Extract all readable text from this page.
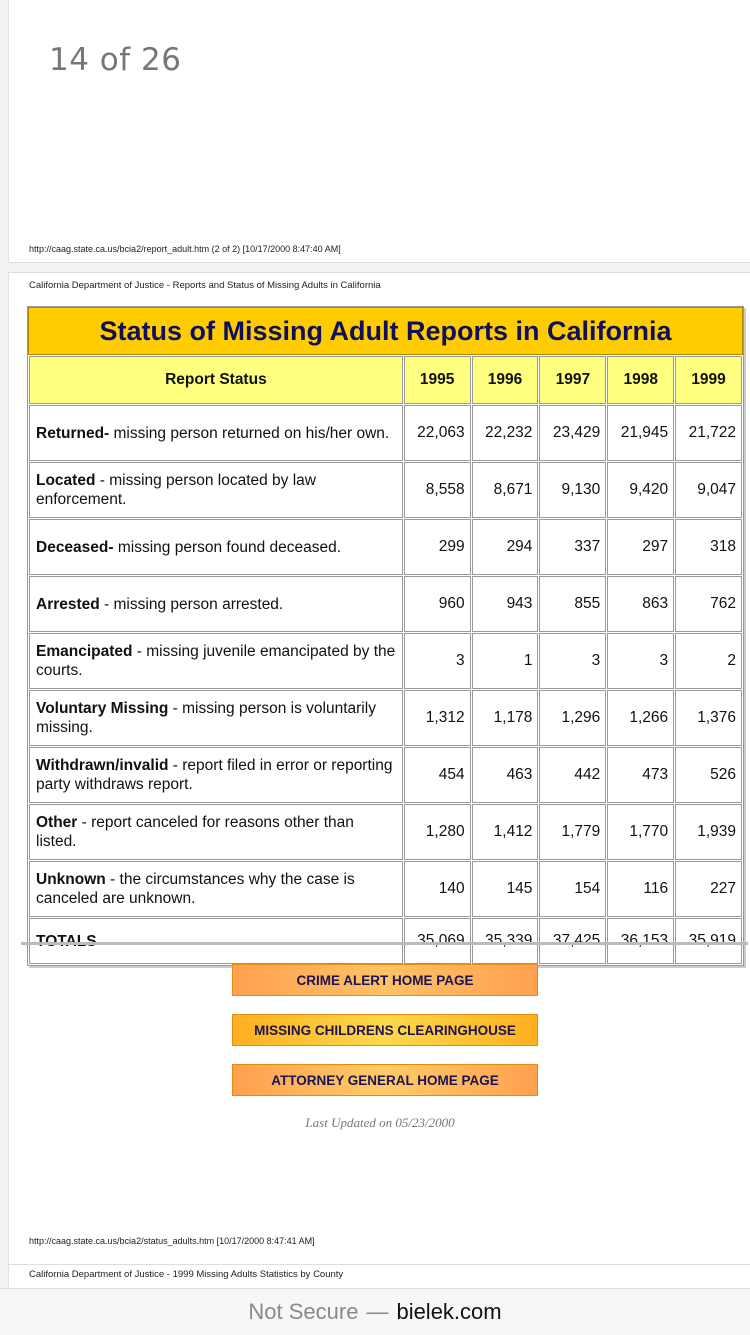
14 of 26
http://caag.state.ca.us/bcia2/report_adult.htm (2 of 2) [10/17/2000 8:47:40 AM]
California Department of Justice - Reports and Status of Missing Adults in California
Status of Missing Adult Reports in California
Report Status	1995	1996	1997	1998	1999
Returned- missing person returned on his/her own.	22,063	22,232	23,429	21,945	21,722
Located - missing person located by law enforcement.	8,558	8,671	9,130	9,420	9,047
Deceased- missing person found deceased.	299	294	337	297	318
Arrested - missing person arrested.	960	943	855	863	762
Emancipated - missing juvenile emancipated by the courts.	3	1	3	3	2
Voluntary Missing - missing person is voluntarily missing.	1,312	1,178	1,296	1,266	1,376
Withdrawn/invalid - report filed in error or reporting party withdraws report.	454	463	442	473	526
Other - report canceled for reasons other than listed.	1,280	1,412	1,779	1,770	1,939
Unknown - the circumstances why the case is canceled are unknown.	140	145	154	116	227
TOTALS	35,069	35,339	37,425	36,153	35,919
CRIME ALERT HOME PAGE
MISSING CHILDRENS CLEARINGHOUSE
ATTORNEY GENERAL HOME PAGE
Last Updated on 05/23/2000
http://caag.state.ca.us/bcia2/status_adults.htm [10/17/2000 8:47:41 AM]
California Department of Justice - 1999 Missing Adults Statistics by County
Not Secure — bielek.com
